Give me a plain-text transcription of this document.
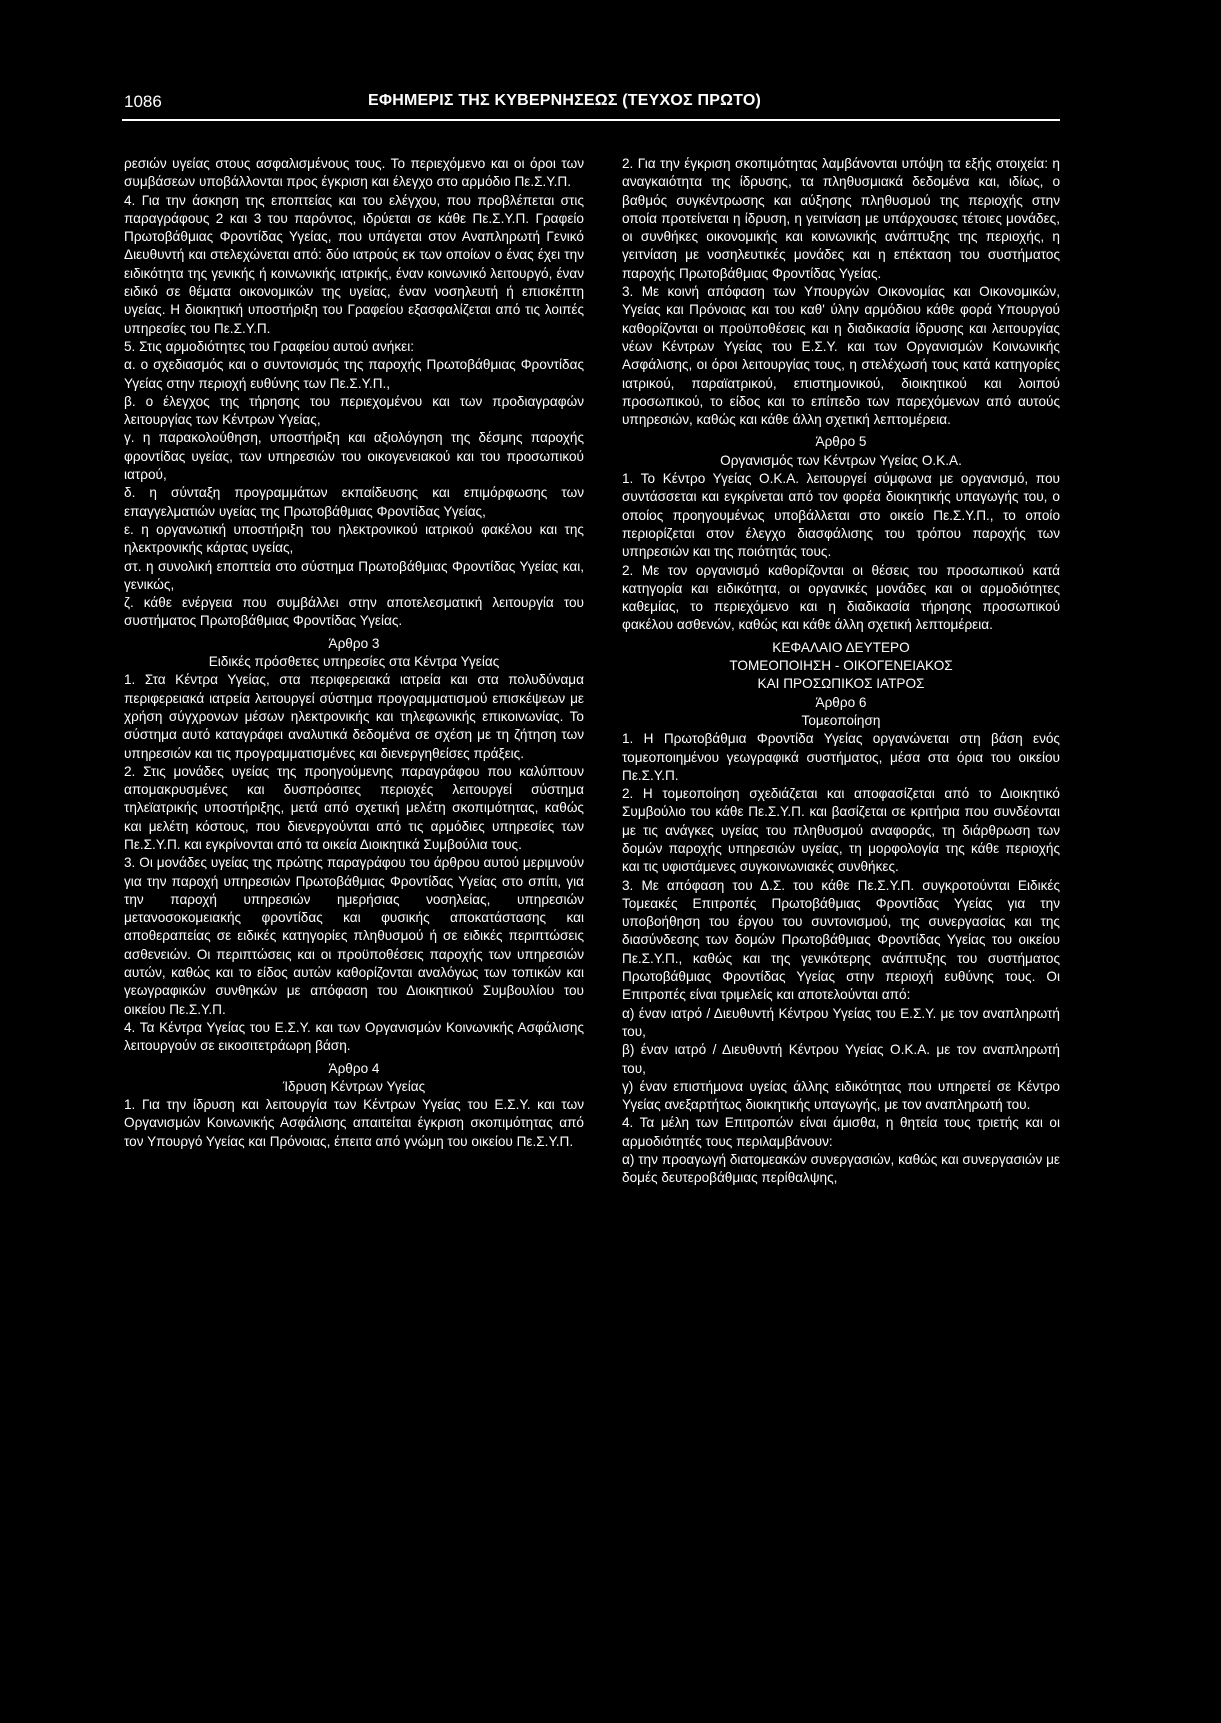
1086	ΕΦΗΜΕΡΙΣ ΤΗΣ ΚΥΒΕΡΝΗΣΕΩΣ (ΤΕΥΧΟΣ ΠΡΩΤΟ)

ρεσιών υγείας στους ασφαλισμένους τους. Το περιεχόμενο και οι όροι των συμβάσεων υποβάλλονται προς έγκριση και έλεγχο στο αρμόδιο Πε.Σ.Υ.Π.

4. Για την άσκηση της εποπτείας και του ελέγχου, που προβλέπεται στις παραγράφους 2 και 3 του παρόντος, ιδρύεται σε κάθε Πε.Σ.Υ.Π. Γραφείο Πρωτοβάθμιας Φροντίδας Υγείας, που υπάγεται στον Αναπληρωτή Γενικό Διευθυντή και στελεχώνεται από: δύο ιατρούς εκ των οποίων ο ένας έχει την ειδικότητα της γενικής ή κοινωνικής ιατρικής, έναν κοινωνικό λειτουργό, έναν ειδικό σε θέματα οικονομικών της υγείας, έναν νοσηλευτή ή επισκέπτη υγείας. Η διοικητική υποστήριξη του Γραφείου εξασφαλίζεται από τις λοιπές υπηρεσίες του Πε.Σ.Υ.Π.

5. Στις αρμοδιότητες του Γραφείου αυτού ανήκει:

α. ο σχεδιασμός και ο συντονισμός της παροχής Πρωτοβάθμιας Φροντίδας Υγείας στην περιοχή ευθύνης των Πε.Σ.Υ.Π.,

β. ο έλεγχος της τήρησης του περιεχομένου και των προδιαγραφών λειτουργίας των Κέντρων Υγείας,

γ. η παρακολούθηση, υποστήριξη και αξιολόγηση της δέσμης παροχής φροντίδας υγείας, των υπηρεσιών του οικογενειακού και του προσωπικού ιατρού,

δ. η σύνταξη προγραμμάτων εκπαίδευσης και επιμόρφωσης των επαγγελματιών υγείας της Πρωτοβάθμιας Φροντίδας Υγείας,

ε. η οργανωτική υποστήριξη του ηλεκτρονικού ιατρικού φακέλου και της ηλεκτρονικής κάρτας υγείας,

στ. η συνολική εποπτεία στο σύστημα Πρωτοβάθμιας Φροντίδας Υγείας και, γενικώς,

ζ. κάθε ενέργεια που συμβάλλει στην αποτελεσματική λειτουργία του συστήματος Πρωτοβάθμιας Φροντίδας Υγείας.

Άρθρο 3

Ειδικές πρόσθετες υπηρεσίες στα Κέντρα Υγείας

1. Στα Κέντρα Υγείας, στα περιφερειακά ιατρεία και στα πολυδύναμα περιφερειακά ιατρεία λειτουργεί σύστημα προγραμματισμού επισκέψεων με χρήση σύγχρονων μέσων ηλεκτρονικής και τηλεφωνικής επικοινωνίας. Το σύστημα αυτό καταγράφει αναλυτικά δεδομένα σε σχέση με τη ζήτηση των υπηρεσιών και τις προγραμματισμένες και διενεργηθείσες πράξεις.

2. Στις μονάδες υγείας της προηγούμενης παραγράφου που καλύπτουν απομακρυσμένες και δυσπρόσιτες περιοχές λειτουργεί σύστημα τηλεϊατρικής υποστήριξης, μετά από σχετική μελέτη σκοπιμότητας, καθώς και μελέτη κόστους, που διενεργούνται από τις αρμόδιες υπηρεσίες των Πε.Σ.Υ.Π. και εγκρίνονται από τα οικεία Διοικητικά Συμβούλια τους.

3. Οι μονάδες υγείας της πρώτης παραγράφου του άρθρου αυτού μεριμνούν για την παροχή υπηρεσιών Πρωτοβάθμιας Φροντίδας Υγείας στο σπίτι, για την παροχή υπηρεσιών ημερήσιας νοσηλείας, υπηρεσιών μετανοσοκομειακής φροντίδας και φυσικής αποκατάστασης και αποθεραπείας σε ειδικές κατηγορίες πληθυσμού ή σε ειδικές περιπτώσεις ασθενειών. Οι περιπτώσεις και οι προϋποθέσεις παροχής των υπηρεσιών αυτών, καθώς και το είδος αυτών καθορίζονται αναλόγως των τοπικών και γεωγραφικών συνθηκών με απόφαση του Διοικητικού Συμβουλίου του οικείου Πε.Σ.Υ.Π.

4. Τα Κέντρα Υγείας του Ε.Σ.Υ. και των Οργανισμών Κοινωνικής Ασφάλισης λειτουργούν σε εικοσιτετράωρη βάση.

Άρθρο 4

Ίδρυση Κέντρων Υγείας

1. Για την ίδρυση και λειτουργία των Κέντρων Υγείας του Ε.Σ.Υ. και των Οργανισμών Κοινωνικής Ασφάλισης απαιτείται έγκριση σκοπιμότητας από τον Υπουργό Υγείας και Πρόνοιας, έπειτα από γνώμη του οικείου Πε.Σ.Υ.Π.

2. Για την έγκριση σκοπιμότητας λαμβάνονται υπόψη τα εξής στοιχεία: η αναγκαιότητα της ίδρυσης, τα πληθυσμιακά δεδομένα και, ιδίως, ο βαθμός συγκέντρωσης και αύξησης πληθυσμού της περιοχής στην οποία προτείνεται η ίδρυση, η γειτνίαση με υπάρχουσες τέτοιες μονάδες, οι συνθήκες οικονομικής και κοινωνικής ανάπτυξης της περιοχής, η γειτνίαση με νοσηλευτικές μονάδες και η επέκταση του συστήματος παροχής Πρωτοβάθμιας Φροντίδας Υγείας.

3. Με κοινή απόφαση των Υπουργών Οικονομίας και Οικονομικών, Υγείας και Πρόνοιας και του καθ' ύλην αρμόδιου κάθε φορά Υπουργού καθορίζονται οι προϋποθέσεις και η διαδικασία ίδρυσης και λειτουργίας νέων Κέντρων Υγείας του Ε.Σ.Υ. και των Οργανισμών Κοινωνικής Ασφάλισης, οι όροι λειτουργίας τους, η στελέχωσή τους κατά κατηγορίες ιατρικού, παραϊατρικού, επιστημονικού, διοικητικού και λοιπού προσωπικού, το είδος και το επίπεδο των παρεχόμενων από αυτούς υπηρεσιών, καθώς και κάθε άλλη σχετική λεπτομέρεια.

Άρθρο 5

Οργανισμός των Κέντρων Υγείας Ο.Κ.Α.

1. Το Κέντρο Υγείας Ο.Κ.Α. λειτουργεί σύμφωνα με οργανισμό, που συντάσσεται και εγκρίνεται από τον φορέα διοικητικής υπαγωγής του, ο οποίος προηγουμένως υποβάλλεται στο οικείο Πε.Σ.Υ.Π., το οποίο περιορίζεται στον έλεγχο διασφάλισης του τρόπου παροχής των υπηρεσιών και της ποιότητάς τους.

2. Με τον οργανισμό καθορίζονται οι θέσεις του προσωπικού κατά κατηγορία και ειδικότητα, οι οργανικές μονάδες και οι αρμοδιότητες καθεμίας, το περιεχόμενο και η διαδικασία τήρησης προσωπικού φακέλου ασθενών, καθώς και κάθε άλλη σχετική λεπτομέρεια.

ΚΕΦΑΛΑΙΟ ΔΕΥΤΕΡΟ

ΤΟΜΕΟΠΟΙΗΣΗ - ΟΙΚΟΓΕΝΕΙΑΚΟΣ

ΚΑΙ ΠΡΟΣΩΠΙΚΟΣ ΙΑΤΡΟΣ

Άρθρο 6

Τομεοποίηση

1. Η Πρωτοβάθμια Φροντίδα Υγείας οργανώνεται στη βάση ενός τομεοποιημένου γεωγραφικά συστήματος, μέσα στα όρια του οικείου Πε.Σ.Υ.Π.

2. Η τομεοποίηση σχεδιάζεται και αποφασίζεται από το Διοικητικό Συμβούλιο του κάθε Πε.Σ.Υ.Π. και βασίζεται σε κριτήρια που συνδέονται με τις ανάγκες υγείας του πληθυσμού αναφοράς, τη διάρθρωση των δομών παροχής υπηρεσιών υγείας, τη μορφολογία της κάθε περιοχής και τις υφιστάμενες συγκοινωνιακές συνθήκες.

3. Με απόφαση του Δ.Σ. του κάθε Πε.Σ.Υ.Π. συγκροτούνται Ειδικές Τομεακές Επιτροπές Πρωτοβάθμιας Φροντίδας Υγείας για την υποβοήθηση του έργου του συντονισμού, της συνεργασίας και της διασύνδεσης των δομών Πρωτοβάθμιας Φροντίδας Υγείας του οικείου Πε.Σ.Υ.Π., καθώς και της γενικότερης ανάπτυξης του συστήματος Πρωτοβάθμιας Φροντίδας Υγείας στην περιοχή ευθύνης τους. Οι Επιτροπές είναι τριμελείς και αποτελούνται από:

α) έναν ιατρό / Διευθυντή Κέντρου Υγείας του Ε.Σ.Υ. με τον αναπληρωτή του,

β) έναν ιατρό / Διευθυντή Κέντρου Υγείας Ο.Κ.Α. με τον αναπληρωτή του,

γ) έναν επιστήμονα υγείας άλλης ειδικότητας που υπηρετεί σε Κέντρο Υγείας ανεξαρτήτως διοικητικής υπαγωγής, με τον αναπληρωτή του.

4. Τα μέλη των Επιτροπών είναι άμισθα, η θητεία τους τριετής και οι αρμοδιότητές τους περιλαμβάνουν:

α) την προαγωγή διατομεακών συνεργασιών, καθώς και συνεργασιών με δομές δευτεροβάθμιας περίθαλψης,
